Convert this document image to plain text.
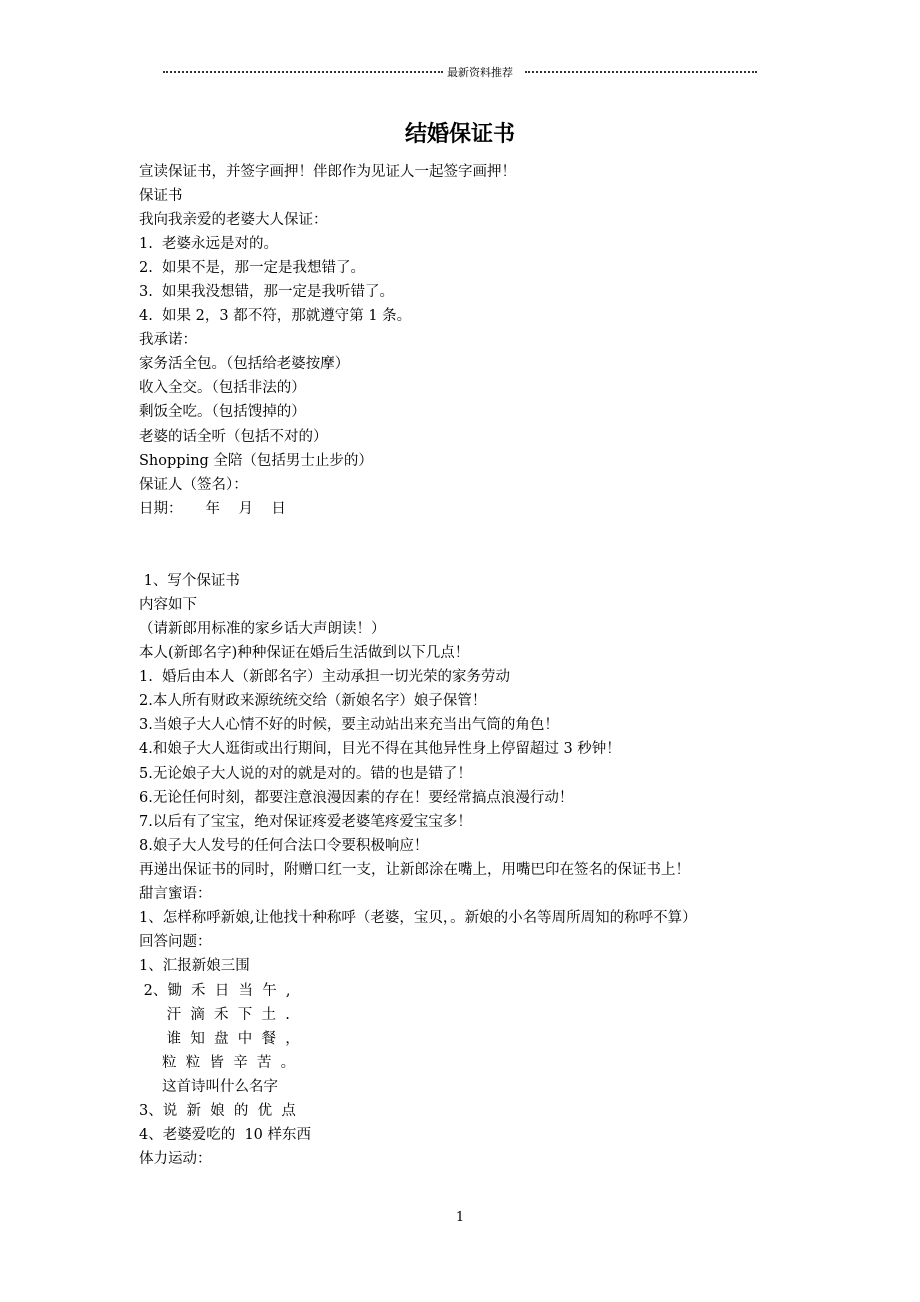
最新资料推荐
结婚保证书
宣读保证书，并签字画押！伴郎作为见证人一起签字画押！
保证书
我向我亲爱的老婆大人保证：
1.  老婆永远是对的。
2.  如果不是，那一定是我想错了。
3.  如果我没想错，那一定是我听错了。
4.  如果 2，3 都不符，那就遵守第 1 条。
我承诺：
家务活全包。（包括给老婆按摩）
收入全交。（包括非法的）
剩饭全吃。（包括馊掉的）
老婆的话全听（包括不对的）
Shopping 全陪（包括男士止步的）
保证人（签名）：
日期：     年    月    日
1、写个保证书
内容如下
（请新郎用标准的家乡话大声朗读！）
本人(新郎名字)种种保证在婚后生活做到以下几点！
1.  婚后由本人（新郎名字）主动承担一切光荣的家务劳动
2.本人所有财政来源统统交给（新娘名字）娘子保管！
3.当娘子大人心情不好的时候，要主动站出来充当出气筒的角色！
4.和娘子大人逛街或出行期间，目光不得在其他异性身上停留超过 3 秒钟！
5.无论娘子大人说的对的就是对的。错的也是错了！
6.无论任何时刻，都要注意浪漫因素的存在！要经常搞点浪漫行动！
7.以后有了宝宝，绝对保证疼爱老婆笔疼爱宝宝多！
8.娘子大人发号的任何合法口令要积极响应！
再递出保证书的同时，附赠口红一支，让新郎涂在嘴上，用嘴巴印在签名的保证书上！
甜言蜜语：
1、怎样称呼新娘,让他找十种称呼（老婆，宝贝，。新娘的小名等周所周知的称呼不算）
回答问题：
1、汇报新娘三围
2、锄  禾  日  当  午  ,
汗  滴  禾  下  土  .
谁  知  盘  中  餐  ，
粒  粒  皆  辛  苦  。
这首诗叫什么名字
3、说  新  娘  的  优  点
4、老婆爱吃的  10 样东西
体力运动：
1
